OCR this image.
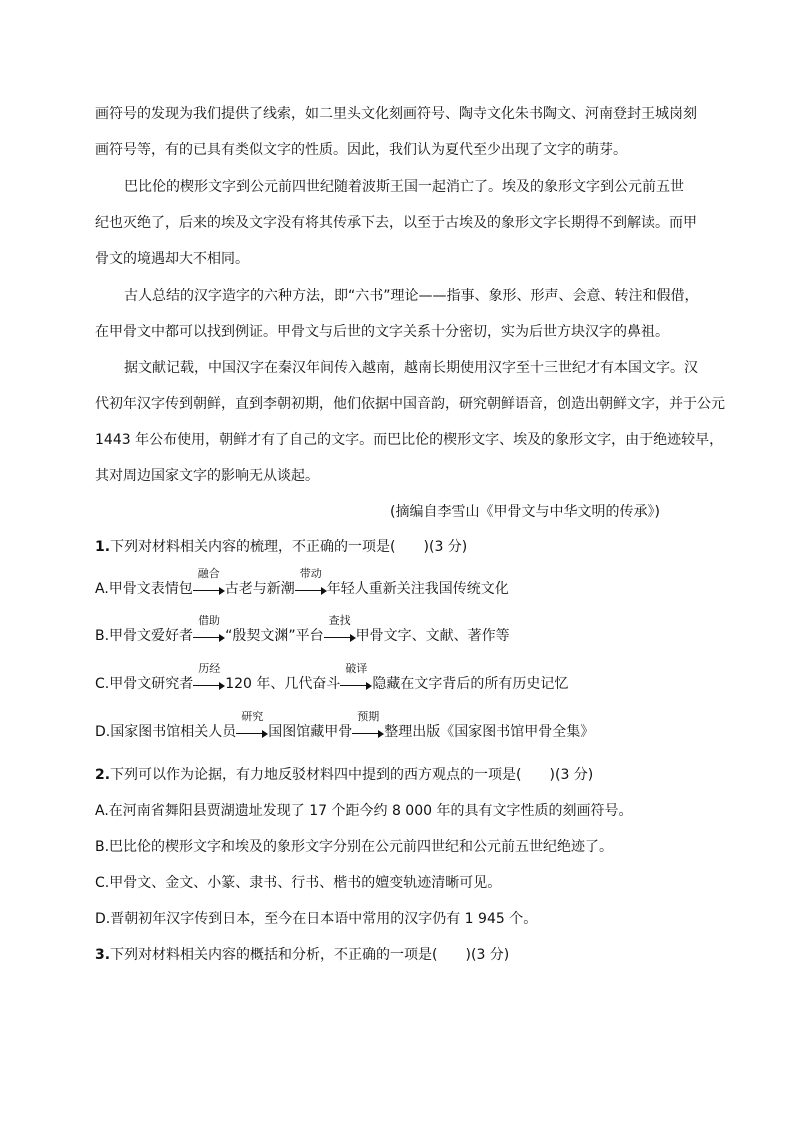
画符号的发现为我们提供了线索，如二里头文化刻画符号、陶寺文化朱书陶文、河南登封王城岗刻
画符号等，有的已具有类似文字的性质。因此，我们认为夏代至少出现了文字的萌芽。
巴比伦的楔形文字到公元前四世纪随着波斯王国一起消亡了。埃及的象形文字到公元前五世
纪也灭绝了，后来的埃及文字没有将其传承下去，以至于古埃及的象形文字长期得不到解读。而甲
骨文的境遇却大不相同。
古人总结的汉字造字的六种方法，即“六书”理论——指事、象形、形声、会意、转注和假借，
在甲骨文中都可以找到例证。甲骨文与后世的文字关系十分密切，实为后世方块汉字的鼻祖。
据文献记载，中国汉字在秦汉年间传入越南，越南长期使用汉字至十三世纪才有本国文字。汉
代初年汉字传到朝鲜，直到李朝初期，他们依据中国音韵，研究朝鲜语音，创造出朝鲜文字，并于公元
1443 年公布使用，朝鲜才有了自己的文字。而巴比伦的楔形文字、埃及的象形文字，由于绝迹较早，
其对周边国家文字的影响无从谈起。
(摘编自李雪山《甲骨文与中华文明的传承》)
1.下列对材料相关内容的梳理，不正确的一项是(　　)(3 分)
A.甲骨文表情包
融合
古老与新潮
带动
年轻人重新关注我国传统文化
B.甲骨文爱好者
借助
“殷契文渊”平台
查找
甲骨文字、文献、著作等
C.甲骨文研究者
历经
120 年、几代奋斗
破译
隐藏在文字背后的所有历史记忆
D.国家图书馆相关人员
研究
国图馆藏甲骨
预期
整理出版《国家图书馆甲骨全集》
2.下列可以作为论据，有力地反驳材料四中提到的西方观点的一项是(　　)(3 分)
A.在河南省舞阳县贾湖遗址发现了 17 个距今约 8 000 年的具有文字性质的刻画符号。
B.巴比伦的楔形文字和埃及的象形文字分别在公元前四世纪和公元前五世纪绝迹了。
C.甲骨文、金文、小篆、隶书、行书、楷书的嬗变轨迹清晰可见。
D.晋朝初年汉字传到日本，至今在日本语中常用的汉字仍有 1 945 个。
3.下列对材料相关内容的概括和分析，不正确的一项是(　　)(3 分)
